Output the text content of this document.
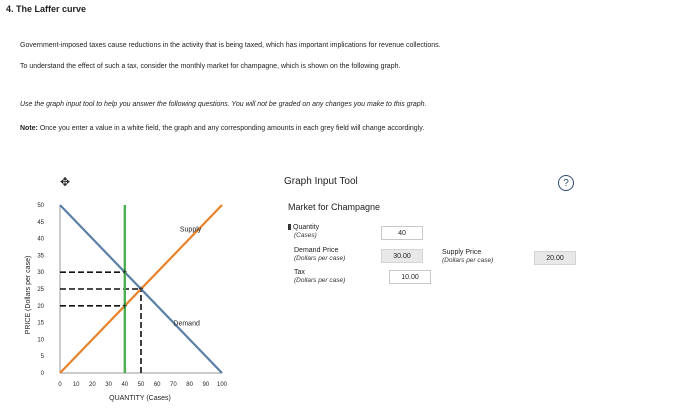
4. The Laffer curve
Government-imposed taxes cause reductions in the activity that is being taxed, which has important implications for revenue collections.
To understand the effect of such a tax, consider the monthly market for champagne, which is shown on the following graph.
Use the graph input tool to help you answer the following questions. You will not be graded on any changes you make to this graph.
Note: Once you enter a value in a white field, the graph and any corresponding amounts in each grey field will change accordingly.
0 10 20 30 40 50 60 70 80 90 100
0
5
10
15
20
25
30
35
40
45
50
+
+
+
Supply
Demand
✥
QUANTITY (Cases)
PRICE (Dollars per case)
Graph Input Tool	?
Market for Champagne
Quantity
(Cases)	40
Demand Price
(Dollars per case)	30.00
Tax
(Dollars per case)	10.00
Supply Price
(Dollars per case)	20.00
